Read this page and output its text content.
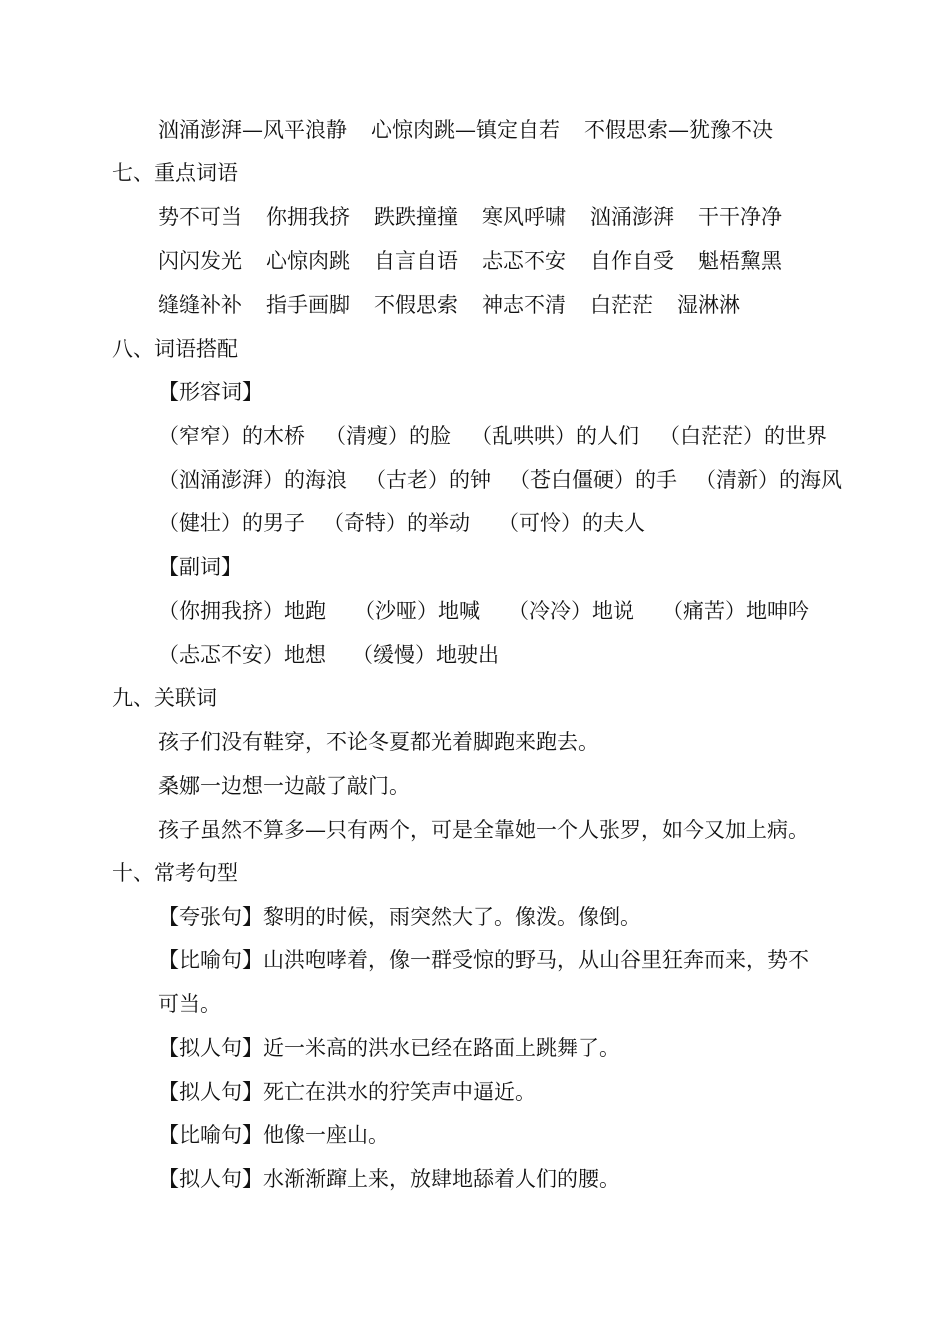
汹涌澎湃—风平浪静 心惊肉跳—镇定自若 不假思索—犹豫不决
七、重点词语
势不可当 你拥我挤 跌跌撞撞 寒风呼啸 汹涌澎湃 干干净净
闪闪发光 心惊肉跳 自言自语 忐忑不安 自作自受 魁梧黧黑
缝缝补补 指手画脚 不假思索 神志不清 白茫茫 湿淋淋
八、词语搭配
【形容词】
（窄窄）的木桥 （清瘦）的脸 （乱哄哄）的人们 （白茫茫）的世界
（汹涌澎湃）的海浪 （古老）的钟 （苍白僵硬）的手 （清新）的海风
（健壮）的男子 （奇特）的举动 （可怜）的夫人
【副词】
（你拥我挤）地跑 （沙哑）地喊 （冷冷）地说 （痛苦）地呻吟
（忐忑不安）地想 （缓慢）地驶出
九、关联词
孩子们没有鞋穿，不论冬夏都光着脚跑来跑去。
桑娜一边想一边敲了敲门。
孩子虽然不算多—只有两个，可是全靠她一个人张罗，如今又加上病。
十、常考句型
【夸张句】黎明的时候，雨突然大了。像泼。像倒。
【比喻句】山洪咆哮着，像一群受惊的野马，从山谷里狂奔而来，势不
可当。
【拟人句】近一米高的洪水已经在路面上跳舞了。
【拟人句】死亡在洪水的狞笑声中逼近。
【比喻句】他像一座山。
【拟人句】水渐渐蹿上来，放肆地舔着人们的腰。
